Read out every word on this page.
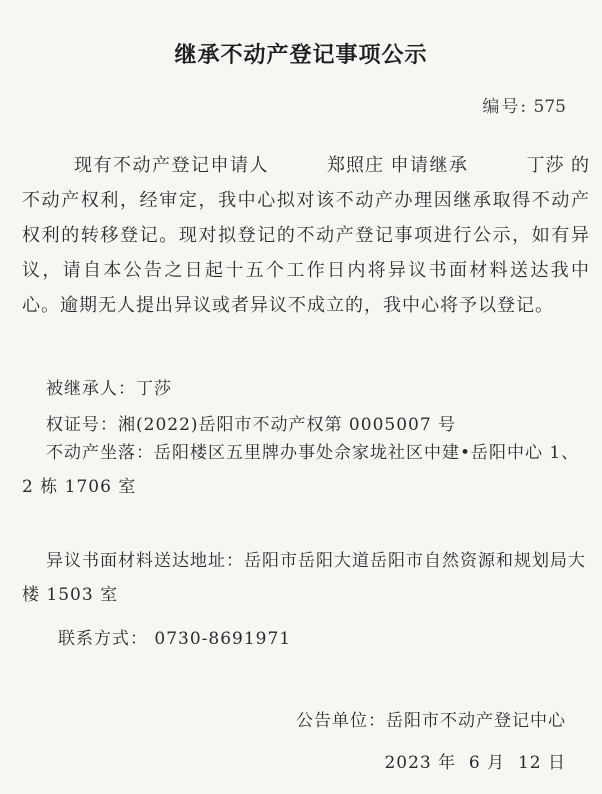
继承不动产登记事项公示
编号: 575
现有不动产登记申请人	郑照庄 申请继承	丁莎 的不动产权利，经审定，我中心拟对该不动产办理因继承取得不动产权利的转移登记。现对拟登记的不动产登记事项进行公示，如有异议，请自本公告之日起十五个工作日内将异议书面材料送达我中心。逾期无人提出异议或者异议不成立的，我中心将予以登记。
被继承人：丁莎
权证号：湘(2022)岳阳市不动产权第 0005007 号
不动产坐落：岳阳楼区五里牌办事处佘家垅社区中建•岳阳中心 1、2 栋 1706 室
异议书面材料送达地址：岳阳市岳阳大道岳阳市自然资源和规划局大楼 1503 室
联系方式： 0730-8691971
公告单位：岳阳市不动产登记中心
2023 年  6 月  12 日
